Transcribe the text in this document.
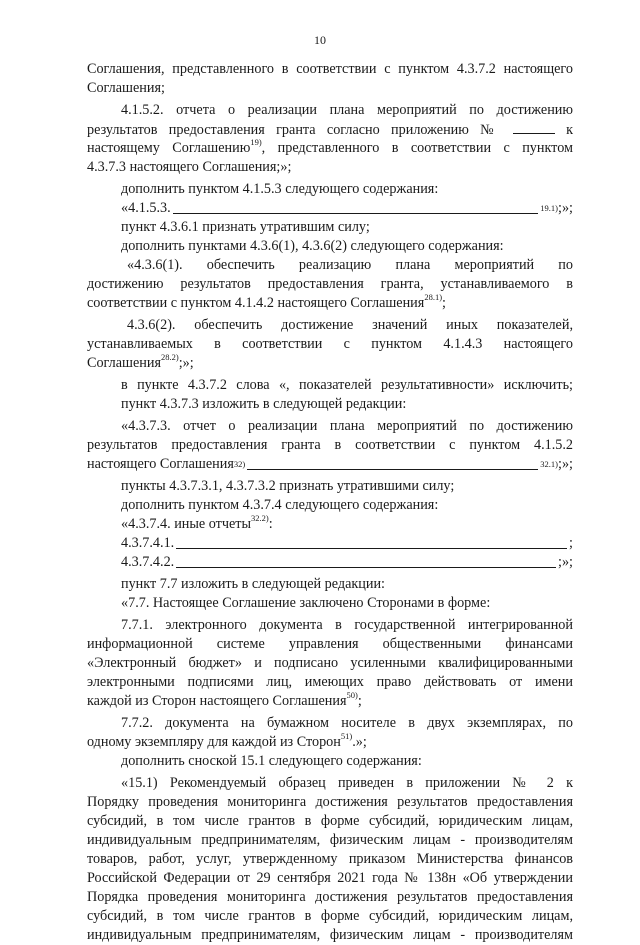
10
Соглашения, представленного в соответствии с пунктом 4.3.7.2 настоящего
Соглашения;
4.1.5.2. отчета о реализации плана мероприятий по достижению
результатов предоставления гранта согласно приложению №	к
настоящему Соглашению$^{19)}$, представленного в соответствии с пунктом
4.3.7.3 настоящего Соглашения;»;
дополнить пунктом 4.1.5.3 следующего содержания:
«4.1.5.3.	$^{19.1)}$ ;»;
пункт 4.3.6.1 признать утратившим силу;
дополнить пунктами 4.3.6(1), 4.3.6(2) следующего содержания:
«4.3.6(1). обеспечить реализацию плана мероприятий по
достижению результатов предоставления гранта, устанавливаемого в
соответствии с пунктом 4.1.4.2 настоящего Соглашения$^{28.1)}$;
4.3.6(2). обеспечить достижение значений иных показателей,
устанавливаемых в соответствии с пунктом 4.1.4.3 настоящего
Соглашения$^{28.2)}$;»;
в пункте 4.3.7.2 слова «, показателей результативности» исключить;
пункт 4.3.7.3 изложить в следующей редакции:
«4.3.7.3. отчет о реализации плана мероприятий по достижению
результатов предоставления гранта в соответствии с пунктом 4.1.5.2
настоящего Соглашения$^{32)}$	$^{32.1)}$ ;»;
пункты 4.3.7.3.1, 4.3.7.3.2 признать утратившими силу;
дополнить пунктом 4.3.7.4 следующего содержания:
«4.3.7.4. иные отчеты$^{32.2)}$:
4.3.7.4.1.	;
4.3.7.4.2.	;»;
пункт 7.7 изложить в следующей редакции:
«7.7. Настоящее Соглашение заключено Сторонами в форме:
7.7.1. электронного документа в государственной интегрированной
информационной системе управления общественными финансами
«Электронный бюджет» и подписано усиленными квалифицированными
электронными подписями лиц, имеющих право действовать от имени
каждой из Сторон настоящего Соглашения$^{50)}$;
7.7.2. документа на бумажном носителе в двух экземплярах, по
одному экземпляру для каждой из Сторон$^{51)}$.»;
дополнить сноской 15.1 следующего содержания:
«15.1) Рекомендуемый образец приведен в приложении № 2 к
Порядку проведения мониторинга достижения результатов предоставления
субсидий, в том числе грантов в форме субсидий, юридическим лицам,
индивидуальным предпринимателям, физическим лицам - производителям
товаров, работ, услуг, утвержденному приказом Министерства финансов
Российской Федерации от 29 сентября 2021 года № 138н «Об утверждении
Порядка проведения мониторинга достижения результатов предоставления
субсидий, в том числе грантов в форме субсидий, юридическим лицам,
индивидуальным предпринимателям, физическим лицам - производителям
